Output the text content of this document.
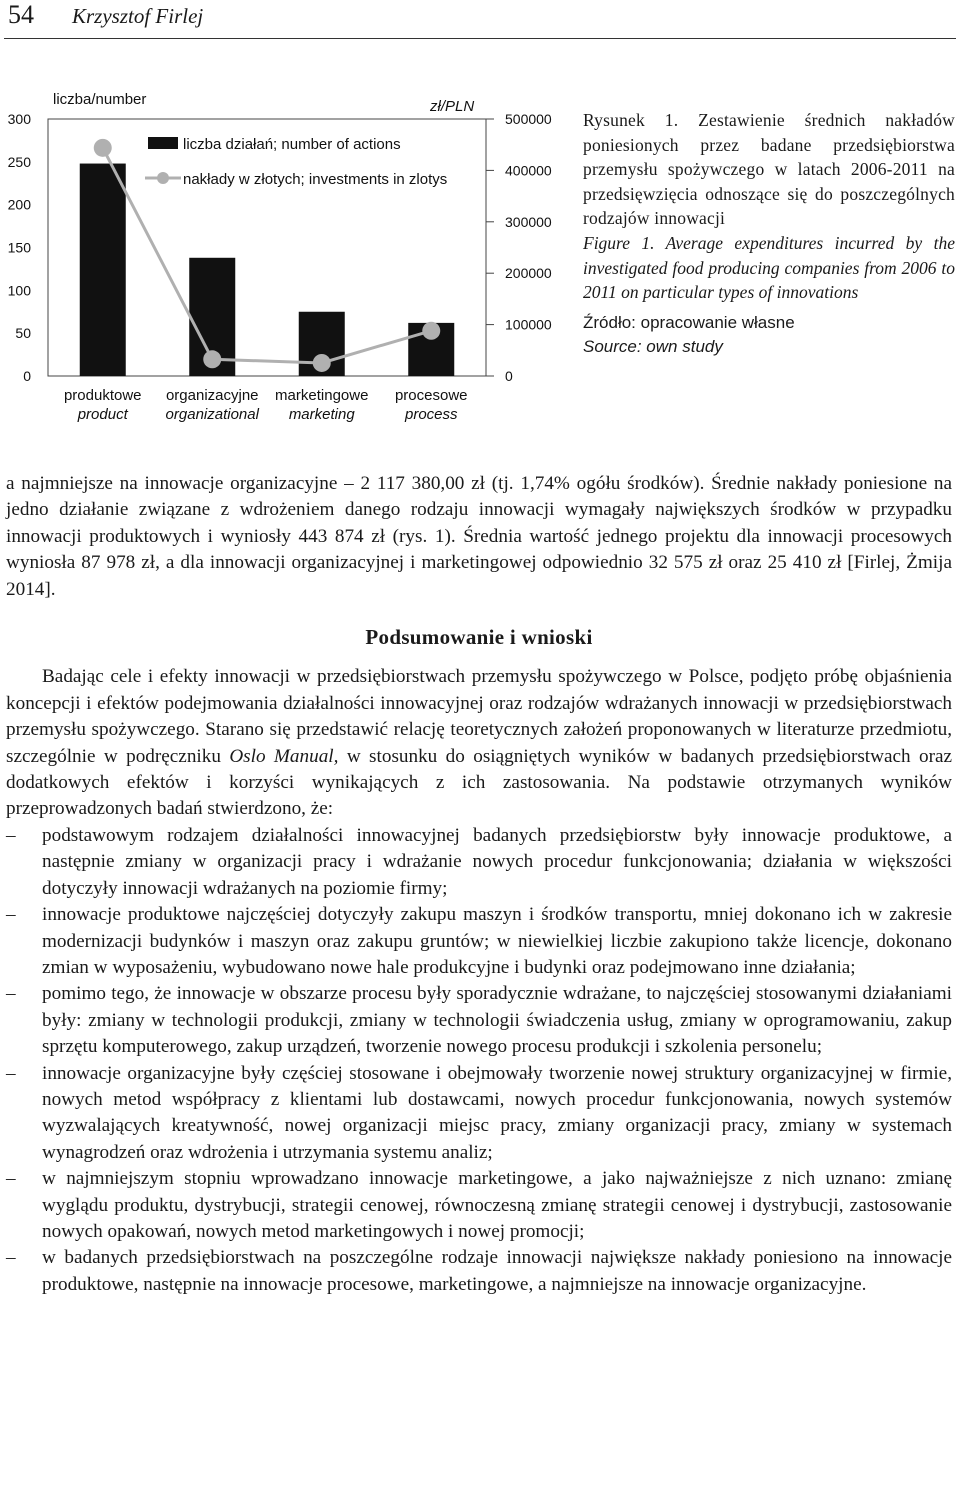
54 Krzysztof Firlej
0
50
100
150
200
250
300
0
100000
200000
300000
400000
500000
liczba/number	zł/PLN
liczba działań; number of actions
nakłady w złotych; investments in zlotys
produktowe
product
organizacyjne
organizational
marketingowe
marketing
procesowe
process

Rysunek 1. Zestawienie średnich nakładów poniesionych przez badane przedsiębiorstwa przemysłu spożywczego w latach 2006-2011 na przedsięwzięcia odnoszące się do poszczególnych rodzajów innowacji

Figure 1. Average expenditures incurred by the investigated food producing companies from 2006 to 2011 on particular types of innovations

Źródło: opracowanie własne

Source: own study

a najmniejsze na innowacje organizacyjne – 2 117 380,00 zł (tj. 1,74% ogółu środków). Średnie nakłady poniesione na jedno działanie związane z wdrożeniem danego rodzaju innowacji wymagały największych środków w przypadku innowacji produktowych i wyniosły 443 874 zł (rys. 1). Średnia wartość jednego projektu dla innowacji procesowych wyniosła 87 978 zł, a dla innowacji organizacyjnej i marketingowej odpowiednio 32 575 zł oraz 25 410 zł [Firlej, Żmija 2014].

Podsumowanie i wnioski

Badając cele i efekty innowacji w przedsiębiorstwach przemysłu spożywczego w Polsce, podjęto próbę objaśnienia koncepcji i efektów podejmowania działalności innowacyjnej oraz rodzajów wdrażanych innowacji w przedsiębiorstwach przemysłu spożywczego. Starano się przedstawić relację teoretycznych założeń proponowanych w literaturze przedmiotu, szczególnie w podręczniku Oslo Manual, w stosunku do osiągniętych wyników w badanych przedsiębiorstwach oraz dodatkowych efektów i korzyści wynikających z ich zastosowania. Na podstawie otrzymanych wyników przeprowadzonych badań stwierdzono, że:

– podstawowym rodzajem działalności innowacyjnej badanych przedsiębiorstw były innowacje produktowe, a następnie zmiany w organizacji pracy i wdrażanie nowych procedur funkcjonowania; działania w większości dotyczyły innowacji wdrażanych na poziomie firmy;
– innowacje produktowe najczęściej dotyczyły zakupu maszyn i środków transportu, mniej dokonano ich w zakresie modernizacji budynków i maszyn oraz zakupu gruntów; w niewielkiej liczbie zakupiono także licencje, dokonano zmian w wyposażeniu, wybudowano nowe hale produkcyjne i budynki oraz podejmowano inne działania;
– pomimo tego, że innowacje w obszarze procesu były sporadycznie wdrażane, to najczęściej stosowanymi działaniami były: zmiany w technologii produkcji, zmiany w technologii świadczenia usług, zmiany w oprogramowaniu, zakup sprzętu komputerowego, zakup urządzeń, tworzenie nowego procesu produkcji i szkolenia personelu;
– innowacje organizacyjne były częściej stosowane i obejmowały tworzenie nowej struktury organizacyjnej w firmie, nowych metod współpracy z klientami lub dostawcami, nowych procedur funkcjonowania, nowych systemów wyzwalających kreatywność, nowej organizacji miejsc pracy, zmiany organizacji pracy, zmiany w systemach wynagrodzeń oraz wdrożenia i utrzymania systemu analiz;
– w najmniejszym stopniu wprowadzano innowacje marketingowe, a jako najważniejsze z nich uznano: zmianę wyglądu produktu, dystrybucji, strategii cenowej, równoczesną zmianę strategii cenowej i dystrybucji, zastosowanie nowych opakowań, nowych metod marketingowych i nowej promocji;
– w badanych przedsiębiorstwach na poszczególne rodzaje innowacji największe nakłady poniesiono na innowacje produktowe, następnie na innowacje procesowe, marketingowe, a najmniejsze na innowacje organizacyjne.
